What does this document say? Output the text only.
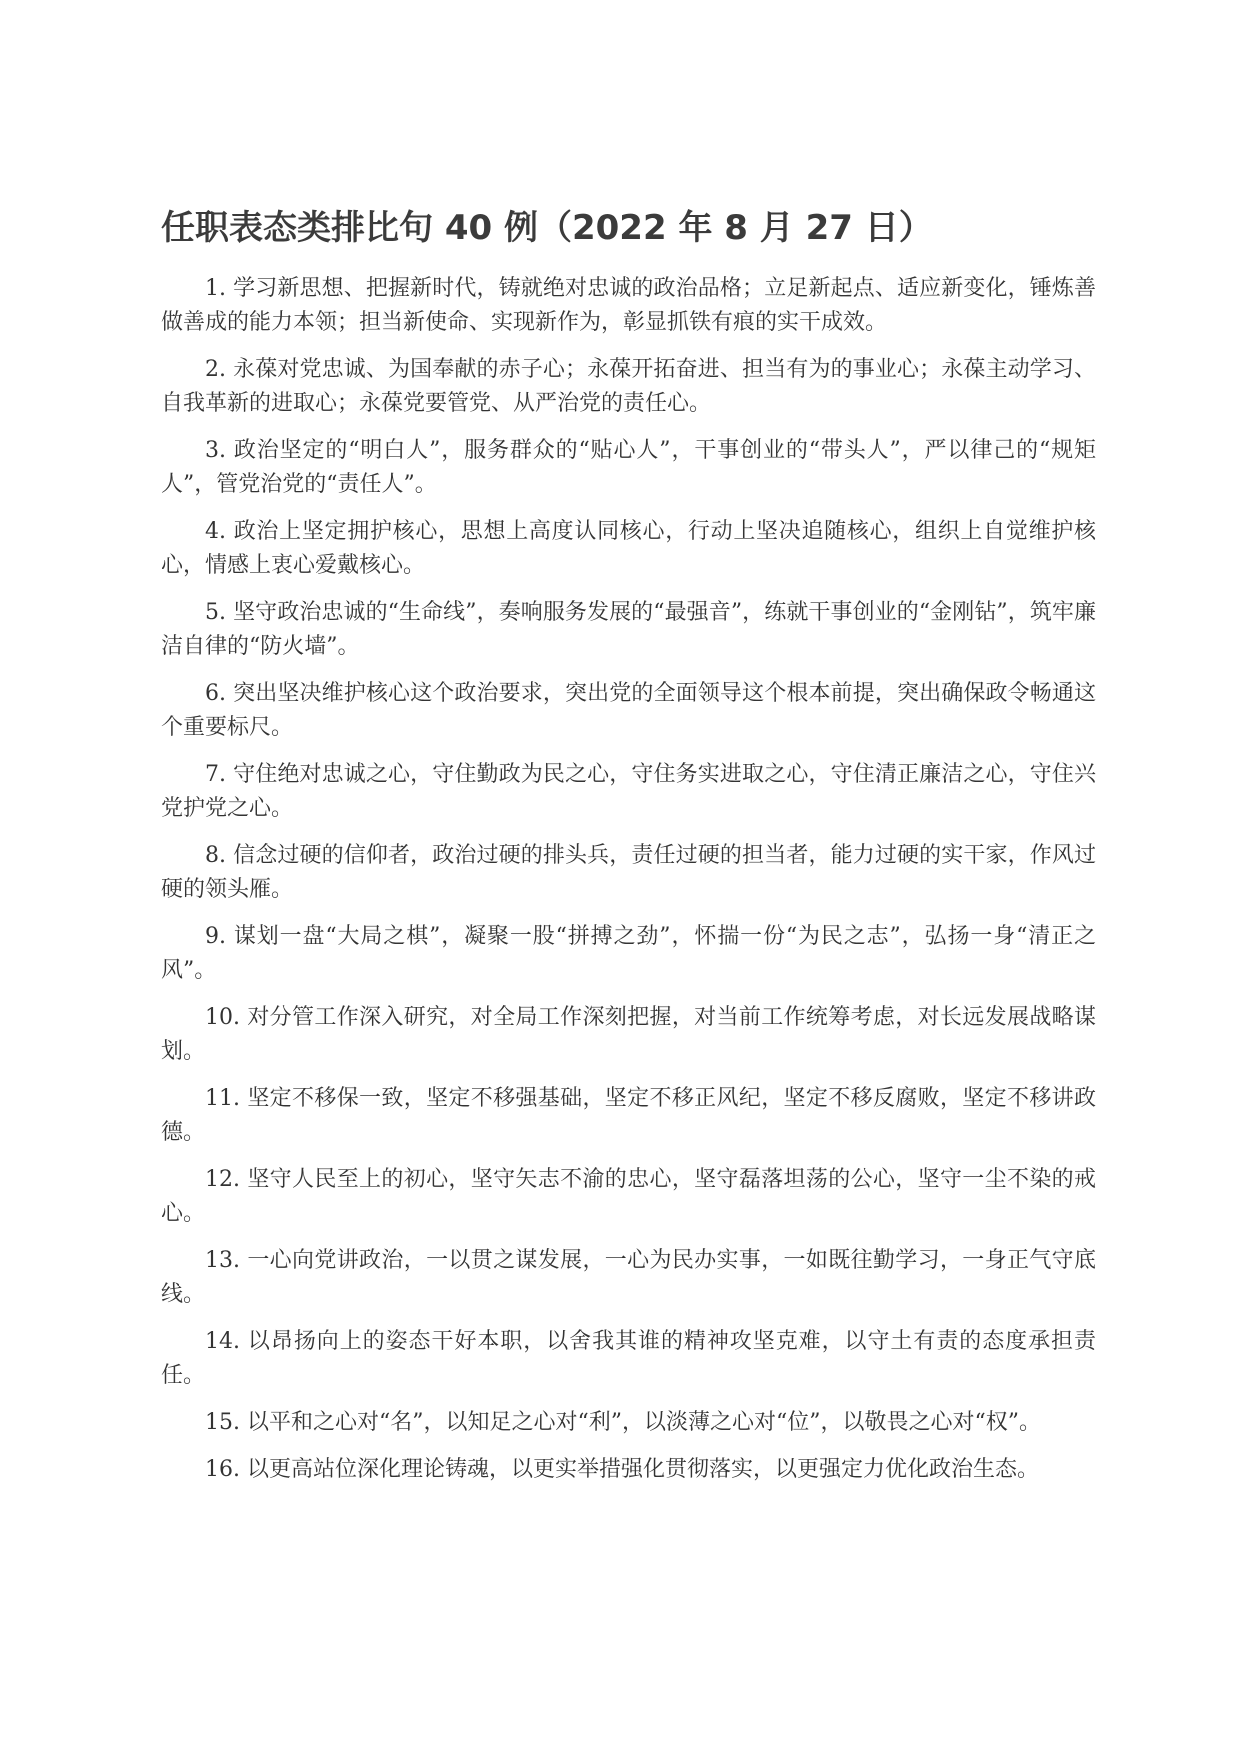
任职表态类排比句 40 例（2022 年 8 月 27 日）

1. 学习新思想、把握新时代，铸就绝对忠诚的政治品格；立足新起点、适应新变化，锤炼善做善成的能力本领；担当新使命、实现新作为，彰显抓铁有痕的实干成效。

2. 永葆对党忠诚、为国奉献的赤子心；永葆开拓奋进、担当有为的事业心；永葆主动学习、自我革新的进取心；永葆党要管党、从严治党的责任心。

3. 政治坚定的“明白人”，服务群众的“贴心人”，干事创业的“带头人”，严以律己的“规矩人”，管党治党的“责任人”。

4. 政治上坚定拥护核心，思想上高度认同核心，行动上坚决追随核心，组织上自觉维护核心，情感上衷心爱戴核心。

5. 坚守政治忠诚的“生命线”，奏响服务发展的“最强音”，练就干事创业的“金刚钻”，筑牢廉洁自律的“防火墙”。

6. 突出坚决维护核心这个政治要求，突出党的全面领导这个根本前提，突出确保政令畅通这个重要标尺。

7. 守住绝对忠诚之心，守住勤政为民之心，守住务实进取之心，守住清正廉洁之心，守住兴党护党之心。

8. 信念过硬的信仰者，政治过硬的排头兵，责任过硬的担当者，能力过硬的实干家，作风过硬的领头雁。

9. 谋划一盘“大局之棋”，凝聚一股“拼搏之劲”，怀揣一份“为民之志”，弘扬一身“清正之风”。

10. 对分管工作深入研究，对全局工作深刻把握，对当前工作统筹考虑，对长远发展战略谋划。

11. 坚定不移保一致，坚定不移强基础，坚定不移正风纪，坚定不移反腐败，坚定不移讲政德。

12. 坚守人民至上的初心，坚守矢志不渝的忠心，坚守磊落坦荡的公心，坚守一尘不染的戒心。

13. 一心向党讲政治，一以贯之谋发展，一心为民办实事，一如既往勤学习，一身正气守底线。

14. 以昂扬向上的姿态干好本职，以舍我其谁的精神攻坚克难，以守土有责的态度承担责任。

15. 以平和之心对“名”，以知足之心对“利”，以淡薄之心对“位”，以敬畏之心对“权”。

16. 以更高站位深化理论铸魂，以更实举措强化贯彻落实，以更强定力优化政治生态。
